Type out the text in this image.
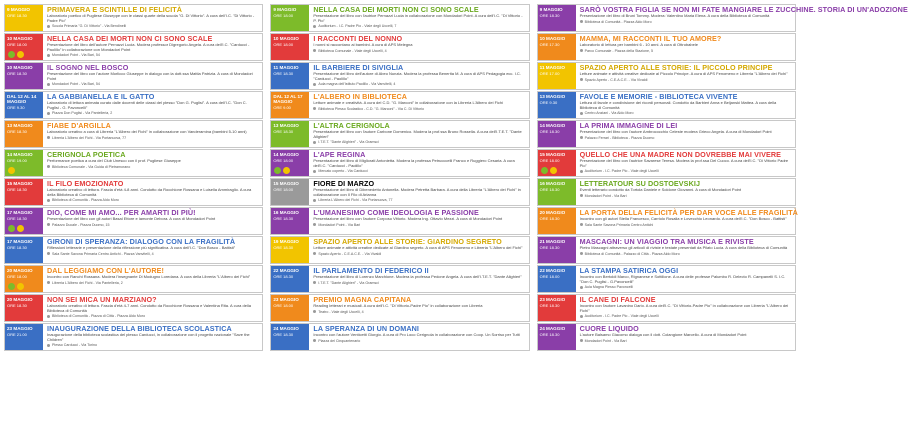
9 MAGGIO
ORE 18.30
PRIMAVERA E SCINTILLE DI FELICITÀ
Laboratorio poetico di Pugliese Giuseppe con le classi quarte della scuola "G. Di Vittorio". A cura dell'I.C. "Di Vittorio - Padre Pio"
Scuola Primaria "G. Di Vittorio" - Via Bendinelli
10 MAGGIO
ORE 18.00
NELLA CASA DEI MORTI NON CI SONO SCALE
Presentazione del libro dell'autore Pernazzi Lucia. Modera professor Digregorio Angela. A cura dell'I.C. "Carducci - Paolillo" in collaborazione con Mondadori Point
Mondadori Point - Via Bari, 54
10 MAGGIO
ORE 18.30
IL SOGNO NEL BOSCO
Presentazione del libro con l'autore Morlicco Giuseppe in dialogo con la dott.ssa Mattia Patrizia. A cura di Mondadori Point
Mondadori Point - Via Bari, 54
DAL 12 AL 14 MAGGIO
ORE 9.30
LA GABBIANELLA E IL GATTO
Laboratorio di lettura animata curato dalle docenti delle classi del plesso "Don G. Puglisi". A cura dell'I.C. "Don C. Puglisi - G. Pavoncelli"
Piazza Don Puglisi - Via Pantelleria, 2
13 MAGGIO
ORE 18.30
FIABE D'ARGILLA
Laboratorio creativo a cura di Libreria "L'Albero dei Fichi" in collaborazione con Vanderamina (bambini 5-10 anni)
Libreria L'Albero dei Fichi - Via Portanuova, 77
14 MAGGIO
ORE 19.00
CERIGNOLA POETICA
Performance poetica a cura del Club Unesco con il prof. Pugliese Giuseppe
Biblioteca Comunale - Via Guida di Pietramorano
15 MAGGIO
ORE 18.30
IL FILO EMOZIONATO
Laboratorio creativo di lettura. Fascia d'età 4-8 anni. Condotto da Rocchione Rossana e Luisella Ammiraglio. A cura della Biblioteca di Comunità
Biblioteca di Comunità - Piazza Aldo Moro
17 MAGGIO
ORE 18.30
DIO, COME MI AMO... PER AMARTI DI PIÙ!
Presentazione del libro con gli autori Basal Ettore e lamonte Debora. A cura di Mondadori Point
Palazzo Ducale - Piazza Duomo, 15
17 MAGGIO
ORE 18.30
GIRONI DI SPERANZA: DIALOGO CON LA FRAGILITÀ
Riflessioni letterarie e presentazione della riflessione più significativa. A cura dell'I.C. "Don Bosco - Battisti"
Sala Sante Savona Primaria Centro Antichi - Piazza Vanvitelli, 4
20 MAGGIO
ORE 18.00
DAL LEGGIAMO CON L'AUTORE!
Incontro con Ranchi Rossana. Modera l'insegnante Di Modugno Loredana. A cura della Libreria "L'Albero dei Fichi"
Libreria L'Albero dei Fichi - Via Pantelleria, 2
20 MAGGIO
ORE 18.30
NON SEI MICA UN MARZIANO?
Laboratorio creativo di lettura. Fascia d'età 4-7 anni. Condotto da Rocchione Rossana e Valentina Rita. A cura della Biblioteca di Comunità
Biblioteca di Comunità - Piazza di Città - Piazza Aldo Moro
23 MAGGIO
ORE 21.00
INAUGURAZIONE DELLA BIBLIOTECA SCOLASTICA
Inaugurazione della biblioteca scolastica del plesso Carducci, in collaborazione con il progetto nazionale "Save the Children"
Plesso Carducci - Via Torino
9 MAGGIO
ORE 18.00
NELLA CASA DEI MORTI NON CI SONO SCALE
Presentazione del libro con l'autrice Pernazzi Lucia in collaborazione con Mondadori Point. A cura dell'I.C. "Di Vittorio - P. Pio"
Auditorium - I.C. Padre Pio - Viale degli Uccelli, 7
10 MAGGIO
ORE 18.00
I RACCONTI DEL NONNO
I nonni si raccontano ai bambini. A cura di APS Melegna
Biblioteca Comunale - Viale degli Uccelli, 4
11 MAGGIO
ORE 18.30
IL BARBIERE DI SIVIGLIA
Presentazione del libro dell'autore di Abeo Nunzia. Modera la professa Benerita M. A cura di APS Pedagogia ecc. I.C. "Carducci - Paolillo"
Aula magna dell'Istituto Paolillo - Via Vanvitelli, 4
DAL 12 AL 17 MAGGIO
ORE 9.00
L'ALBERO IN BIBLIOTECA
Letture animate e creatività. A cura del C.D. "G. Marconi" in collaborazione con la Libreria L'Albero dei Fichi
Biblioteca Plesso Scolastico - C.D. "G. Marconi" - Via C. Di Vittorio
13 MAGGIO
ORE 18.30
L'ALTRA CERIGNOLA
Presentazione del libro con l'autore Carbone Domenico. Modera la prof.ssa Bruno Rossella. A cura dell'I.T.E.T. "Dante Alighieri"
I.T.E.T. "Dante Alighieri" - Via Gramsci
14 MAGGIO
ORE 18.00
L'APE REGINA
Presentazione del libro di Migliorati Antonietta. Modera la professa Petrucccelli Franco e Ruggiero Cesaria. A cura dell'I.C. "Carducci - Paolillo"
Mercato coperto - Via Carducci
15 MAGGIO
ORE 18.00
FIORE DI MARZO
Presentazione del libro di Dibenedetto Antonella. Modera Petretta Barbara. A cura della Libreria "L'Albero dei Fichi" in collaborazione con Il Filo di Arianna
Libreria L'Albero dei Fichi - Via Portanuova, 77
16 MAGGIO
ORE 18.30
L'UMANESIMO COME IDEOLOGIA E PASSIONE
Presentazione del libro con l'autore Corposo Vittorio. Modera Ing. Ottavio Mezzi. A cura di Mondadori Point
Mondadori Point - Via Bari
19 MAGGIO
ORE 18.30
SPAZIO APERTO ALLE STORIE: GIARDINO SEGRETO
Letture animate e attività creative dedicate al Giardino segreto. A cura di APS Fenomeno e Libreria "L'Albero dei Fichi"
Spazio Aperto - C.E.A.C.E. - Via Vivaldi
22 MAGGIO
ORE 18.30
IL PARLAMENTO DI FEDERICO II
Presentazione del libro di Lorenzo Marchione. Modera la professa Pedone Angela. A cura dell'I.T.E.T. "Dante Alighieri"
I.T.E.T. "Dante Alighieri" - Via Gramsci
23 MAGGIO
ORE 18.00
PREMIO MAGNA CAPITANA
Reading letterari e musicali. A cura dell'I.C. "Di Vittorio-Padre Pio" in collaborazione con Libreria
Teatro - Viale degli Uccelli, 4
24 MAGGIO
ORE 18.30
LA SPERANZA DI UN DOMANI
Incontro con l'autore Venticetti Giorgio. A cura di Pro Loco Cerignola in collaborazione con Coop. Un Sorriso per Tutti
Piazza del Cinquantenario
9 MAGGIO
ORE 18.30
SARÒ VOSTRA FIGLIA SE NON MI FATE MANGIARE LE ZUCCHINE. STORIA DI UN'ADOZIONE
Presentazione del libro di Bruni Tommy. Modera: Valentino Maria Elena. A cura della Biblioteca di Comunità
Biblioteca di Comunità - Piazza Aldo Moro
10 MAGGIO
ORE 17.30
MAMMA, MI RACCONTI IL TUO AMORE?
Laboratorio di lettura per bambini 6 - 10 anni. A cura di Ottrobabele
Parco Comunale - Piazza della Stazione, 5
11 MAGGIO
ORE 17.00
SPAZIO APERTO ALLE STORIE: IL PICCOLO PRINCIPE
Letture animate e attività creative dedicate al Piccolo Principe. A cura di APS Fenomeno e Libreria "L'Albero dei Fichi"
Spazio Aperto - C.E.A.C.E. - Via Vivaldi
13 MAGGIO
ORE 9.30
FAVOLE E MEMORIE - BIBLIOTECA VIVENTE
Lettura di favole e condivisione dei ricordi personali. Condotto da Barbieri Anna e Beljanski Mattea. A cura della Biblioteca di Comunità
Centro Anziani - Via Aldo Moro
14 MAGGIO
ORE 18.30
LA PRIMA IMMAGINE DI LEI
Presentazione del libro con l'autore Ambrococchio Celeste modera Grieco Angela. A cura di Mondadori Point
Palazzo Ferrari - Biblioteca - Piazza Duomo
15 MAGGIO
ORE 18.00
QUELLO CHE UNA MADRE NON DOVREBBE MAI VIVERE
Presentazione del libro con l'autrice Savarese Teresa. Modera la prof.ssa Del Cuoco. A cura dell'I.C. "Di Vittorio Padre Pio"
Auditorium - I.C. Padre Pio - Viale degli Uccelli
16 MAGGIO
ORE 18.30
LETTERATOUR SU DOSTOEVSKIJ
Eventi letterario condotto da Tortola Daniele e Soldone Giovanni. A cura di Mondadori Point
Mondadori Point - Via Bari
20 MAGGIO
ORE 18.30
LA PORTA DELLA FELICITÀ PER DAR VOCE ALLE FRAGILITÀ
Incontro con gli autori Stella Francesco, Carriolo Rosalia e Lovecchio Leonardo. A cura dell'I.C. "Don Bosco - Battisti"
Sala Sante Savona Primaria Centro Antichi
21 MAGGIO
ORE 18.30
MASCAGNI: UN VIAGGIO TRA MUSICA E RIVISTE
Pietro Mascagni attraverso gli articoli di riviste e testate presentati da Pilato Lucia. A cura della Biblioteca di Comunità
Biblioteca di Comunità - Palazzo di Città - Piazza Aldo Moro
22 MAGGIO
ORE 18.00
LA STAMPA SATIRICA OGGI
Incontro con Bertoldi Marco, Rignanese e Sottilione. A cura delle professe Palumbo R. Delecto R. Campanelli S. I.C. "Don C. Puglisi - G.Pavoncelli"
Aula Magna Plesso Pavoncelli
23 MAGGIO
ORE 18.30
IL CANE DI FALCONE
Incontro con l'autore Lavanino Dario. A cura dell'I.C. "Di Vittorio-Padre Pio" in collaborazione con Libreria "L'Albero dei Fichi"
Auditorium - I.C. Padre Pio - Viale degli Uccelli
24 MAGGIO
ORE 18.30
CUORE LIQUIDO
L'autore Balsamo Giacomo dialoga con il dott. Colangione Marcello. A cura di Mondadori Point
Mondadori Point - Via Bari
